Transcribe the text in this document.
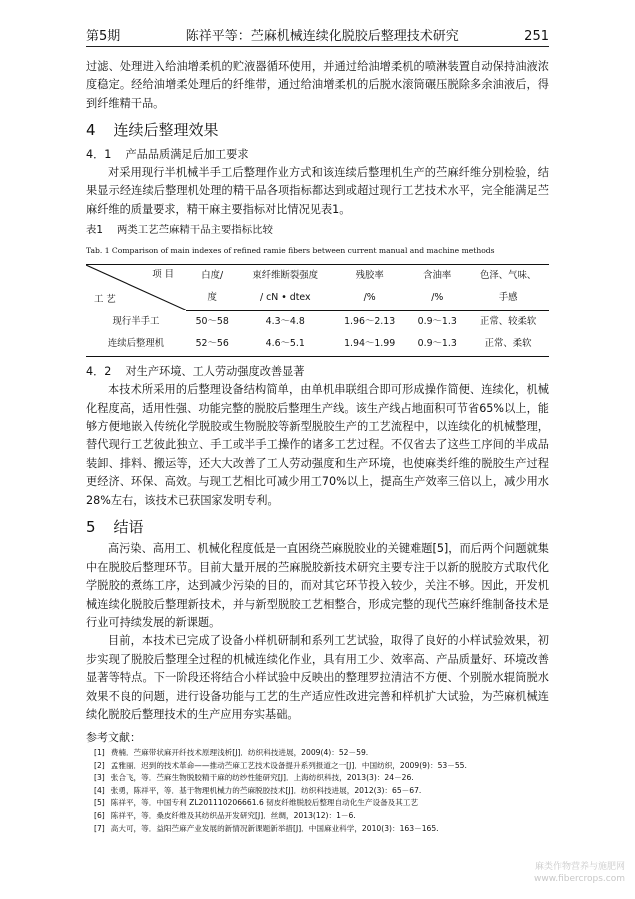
第5期	陈祥平等：苎麻机械连续化脱胶后整理技术研究	251

过滤、处理进入给油增柔机的贮液器循环使用，并通过给油增柔机的喷淋装置自动保持油液浓度稳定。经给油增柔处理后的纤维带，通过给油增柔机的后脱水滚筒碾压脱除多余油液后，得到纤维精干品。

4 连续后整理效果
4．1 产品品质满足后加工要求

对采用现行半机械半手工后整理作业方式和该连续后整理机生产的苎麻纤维分别检验，结果显示经连续后整理机处理的精干品各项指标都达到或超过现行工艺技术水平，完全能满足苎麻纤维的质量要求，精干麻主要指标对比情况见表1。

表1 两类工艺苎麻精干品主要指标比较
Tab. 1 Comparison of main indexes of refined ramie fibers between current manual and machine methods
项 目
工 艺	白度/	束纤维断裂强度	残胶率	含油率	色泽、气味、
	度	/ cN • dtex	/%	/%	手感
现行半手工	50～58	4.3～4.8	1.96～2.13	0.9～1.3	正常、较柔软
连续后整理机	52～56	4.6～5.1	1.94～1.99	0.9～1.3	正常、柔软
4．2 对生产环境、工人劳动强度改善显著

本技术所采用的后整理设备结构简单，由单机串联组合即可形成操作简便、连续化，机械化程度高，适用性强、功能完整的脱胶后整理生产线。该生产线占地面积可节省65%以上，能够方便地嵌入传统化学脱胶或生物脱胶等新型脱胶生产的工艺流程中，以连续化的机械整理，替代现行工艺彼此独立、手工或半手工操作的诸多工艺过程。不仅省去了这些工序间的半成品装卸、排料、搬运等，还大大改善了工人劳动强度和生产环境，也使麻类纤维的脱胶生产过程更经济、环保、高效。与现工艺相比可减少用工70%以上，提高生产效率三倍以上，减少用水28%左右，该技术已获国家发明专利。

5 结语

高污染、高用工、机械化程度低是一直困绕苎麻脱胶业的关键难题[5]，而后两个问题就集中在脱胶后整理环节。目前大量开展的苎麻脱胶新技术研究主要专注于以新的脱胶方式取代化学脱胶的煮练工序，达到减少污染的目的，而对其它环节投入较少，关注不够。因此，开发机械连续化脱胶后整理新技术，并与新型脱胶工艺相整合，形成完整的现代苎麻纤维制备技术是行业可持续发展的新课题。

目前，本技术已完成了设备小样机研制和系列工艺试验，取得了良好的小样试验效果，初步实现了脱胶后整理全过程的机械连续化作业，具有用工少、效率高、产品质量好、环境改善显著等特点。下一阶段还将结合小样试验中反映出的整理罗拉清洁不方便、个别脱水辊筒脱水效果不良的问题，进行设备功能与工艺的生产适应性改进完善和样机扩大试验，为苎麻机械连续化脱胶后整理技术的生产应用夯实基础。

参考文献：
[1] 费楠．苎麻带状麻开纤技术原理浅析[J]．纺织科技进展，2009(4)：52－59.
[2] 孟雅丽．迟到的技术革命——推动苎麻工艺技术设备提升系列报道之一[J]．中国纺织，2009(9)：53－55.
[3] 张合飞，等．苎麻生物脱胶精干麻的纺纱性能研究[J]．上海纺织科技，2013(3)：24－26.
[4] 张勇，陈祥平，等．基于物理机械力的苎麻脱胶技术[J]．纺织科技进展，2012(3)：65－67.
[5] 陈祥平，等．中国专利 ZL201110206661.6 韧皮纤维脱胶后整理自动化生产设备及其工艺
[6] 陈祥平，等．桑皮纤维及其纺织品开发研究[J]．丝绸，2013(12)：1－6.
[7] 高大可，等．益阳苎麻产业发展的新情况新课题新举措[J]．中国麻业科学，2010(3)：163－165.
麻类作物营养与施肥网
www.fibercrops.com
